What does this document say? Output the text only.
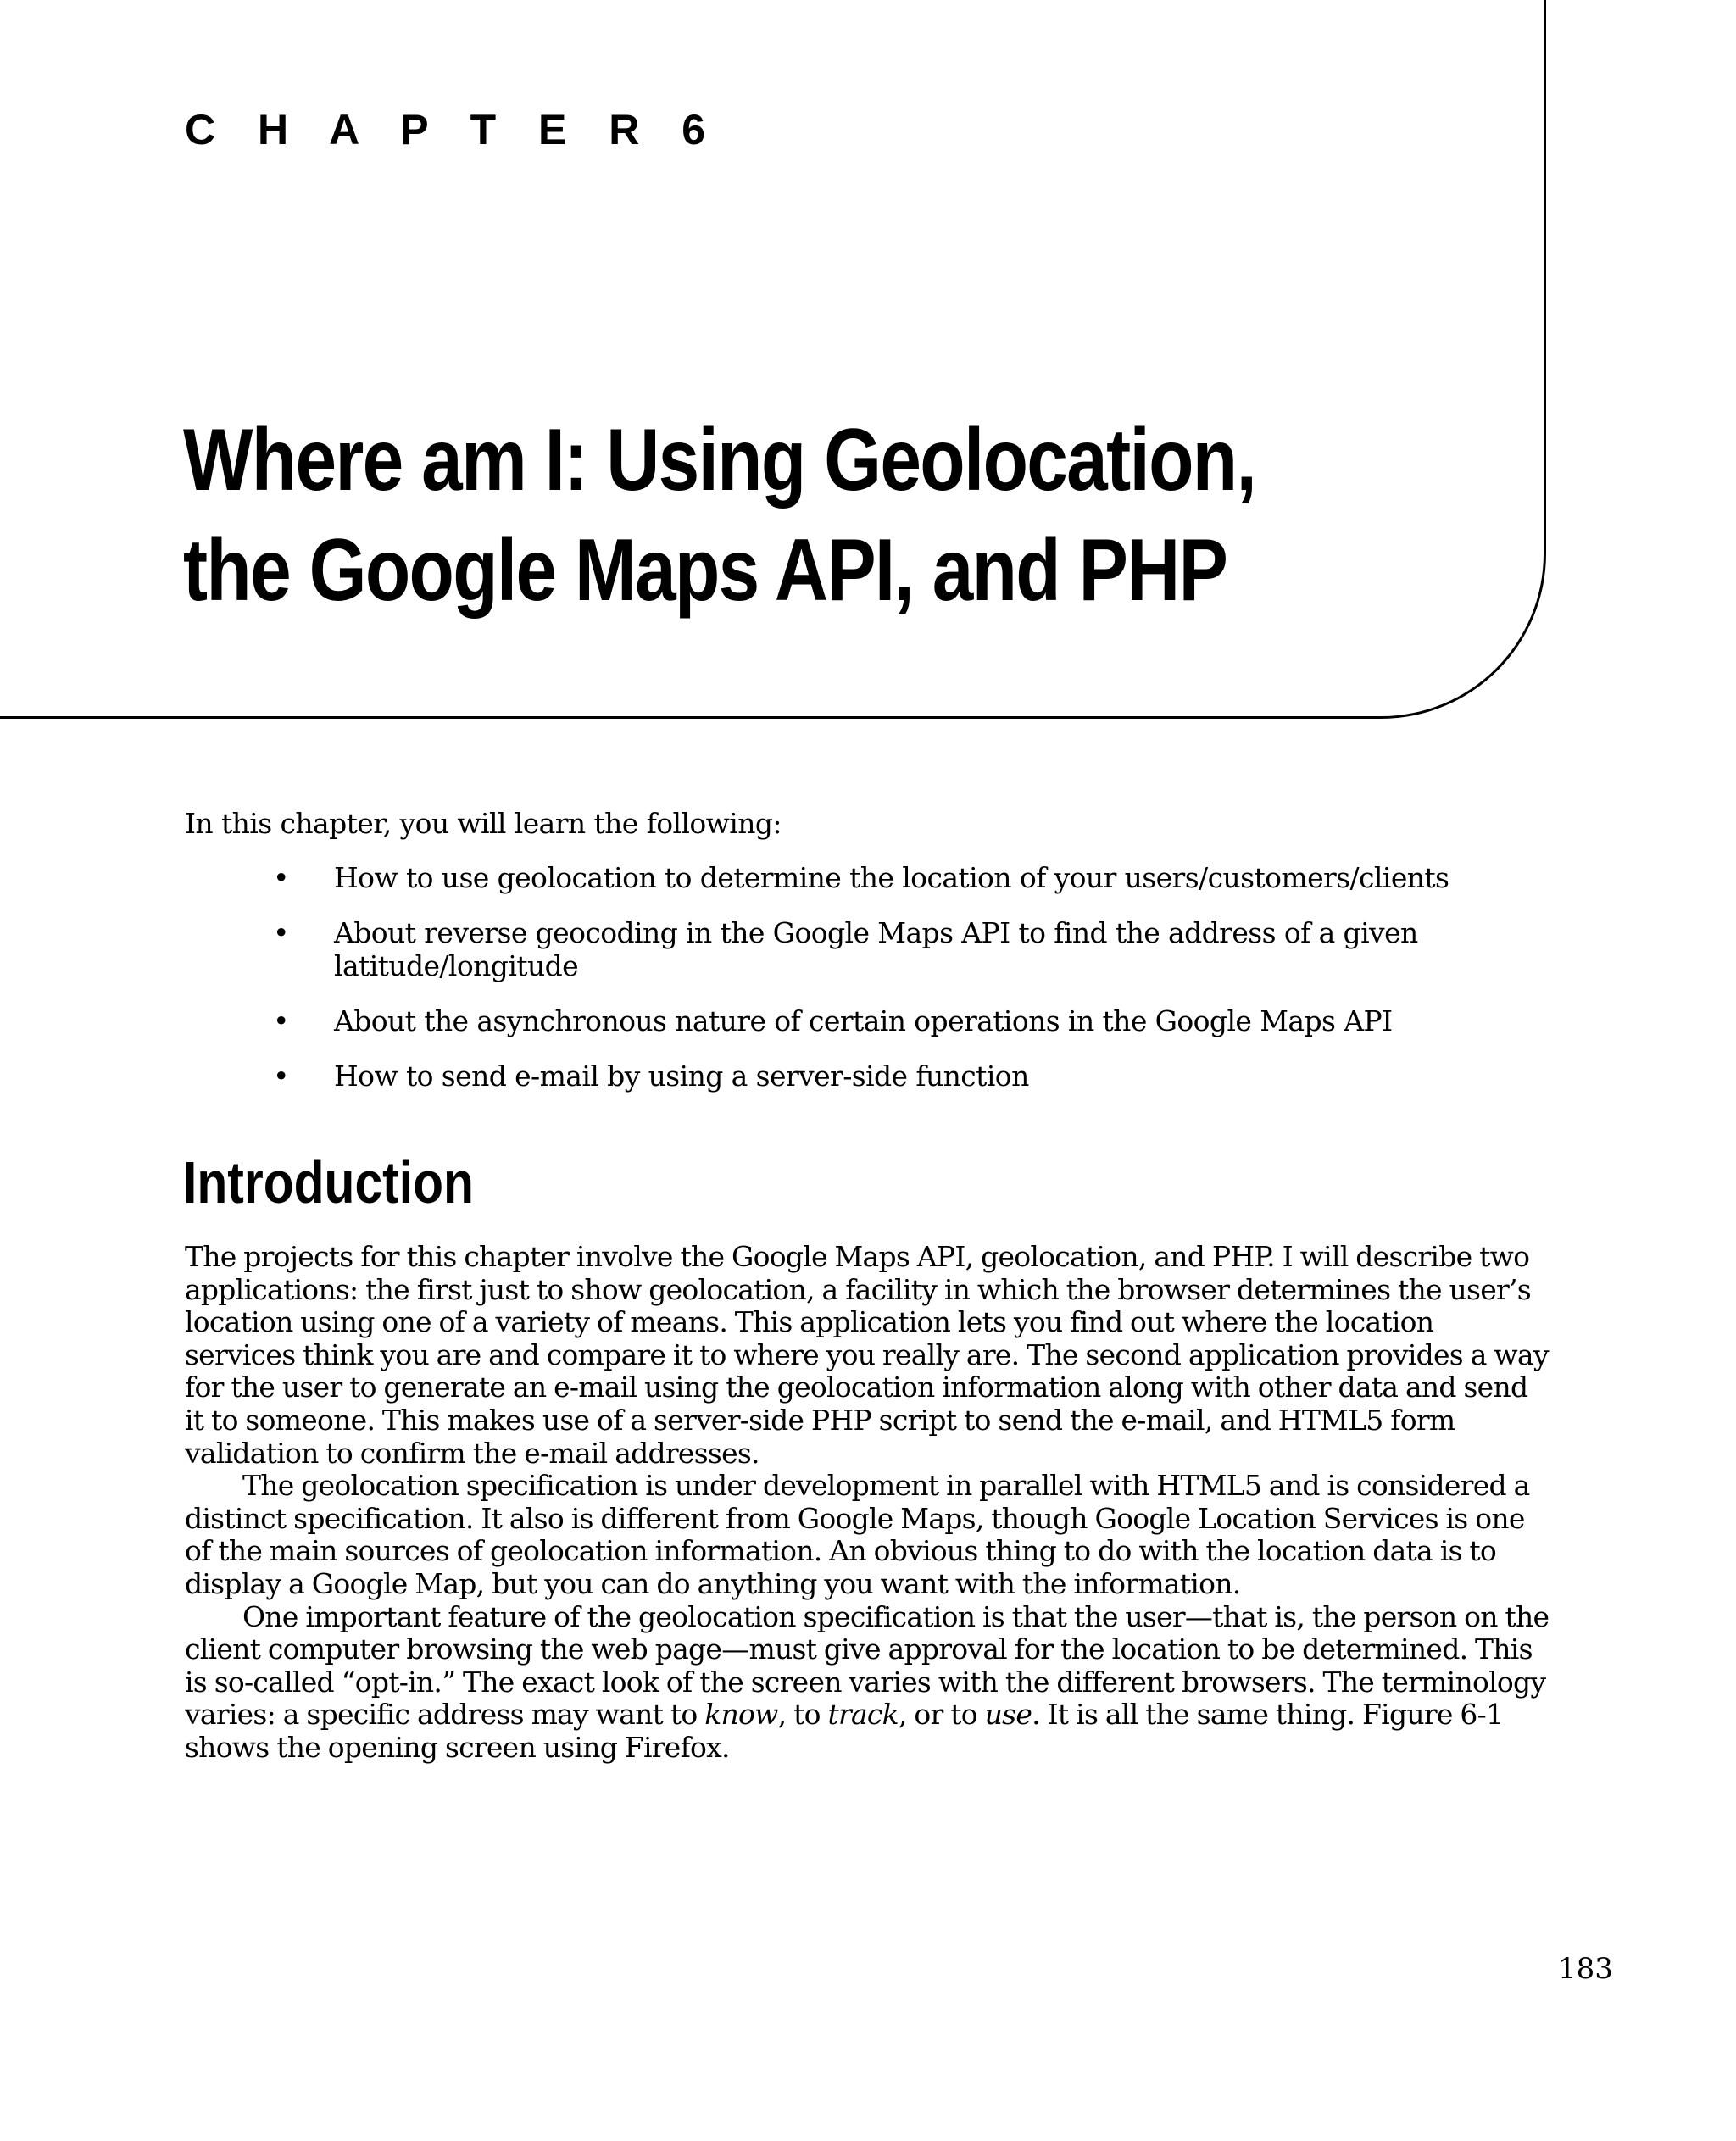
C H A P T E R 6
Where am I: Using Geolocation,
the Google Maps API, and PHP

In this chapter, you will learn the following:

• How to use geolocation to determine the location of your users/customers/clients
• About reverse geocoding in the Google Maps API to find the address of a given latitude/longitude
• About the asynchronous nature of certain operations in the Google Maps API
• How to send e-mail by using a server-side function
Introduction

The projects for this chapter involve the Google Maps API, geolocation, and PHP. I will describe two applications: the first just to show geolocation, a facility in which the browser determines the user’s location using one of a variety of means. This application lets you find out where the location services think you are and compare it to where you really are. The second application provides a way for the user to generate an e-mail using the geolocation information along with other data and send it to someone. This makes use of a server-side PHP script to send the e-mail, and HTML5 form validation to confirm the e-mail addresses.

The geolocation specification is under development in parallel with HTML5 and is considered a distinct specification. It also is different from Google Maps, though Google Location Services is one of the main sources of geolocation information. An obvious thing to do with the location data is to display a Google Map, but you can do anything you want with the information.

One important feature of the geolocation specification is that the user—that is, the person on the client computer browsing the web page—must give approval for the location to be determined. This is so-called “opt-in.” The exact look of the screen varies with the different browsers. The terminology varies: a specific address may want to know, to track, or to use. It is all the same thing. Figure 6-1 shows the opening screen using Firefox.

183
